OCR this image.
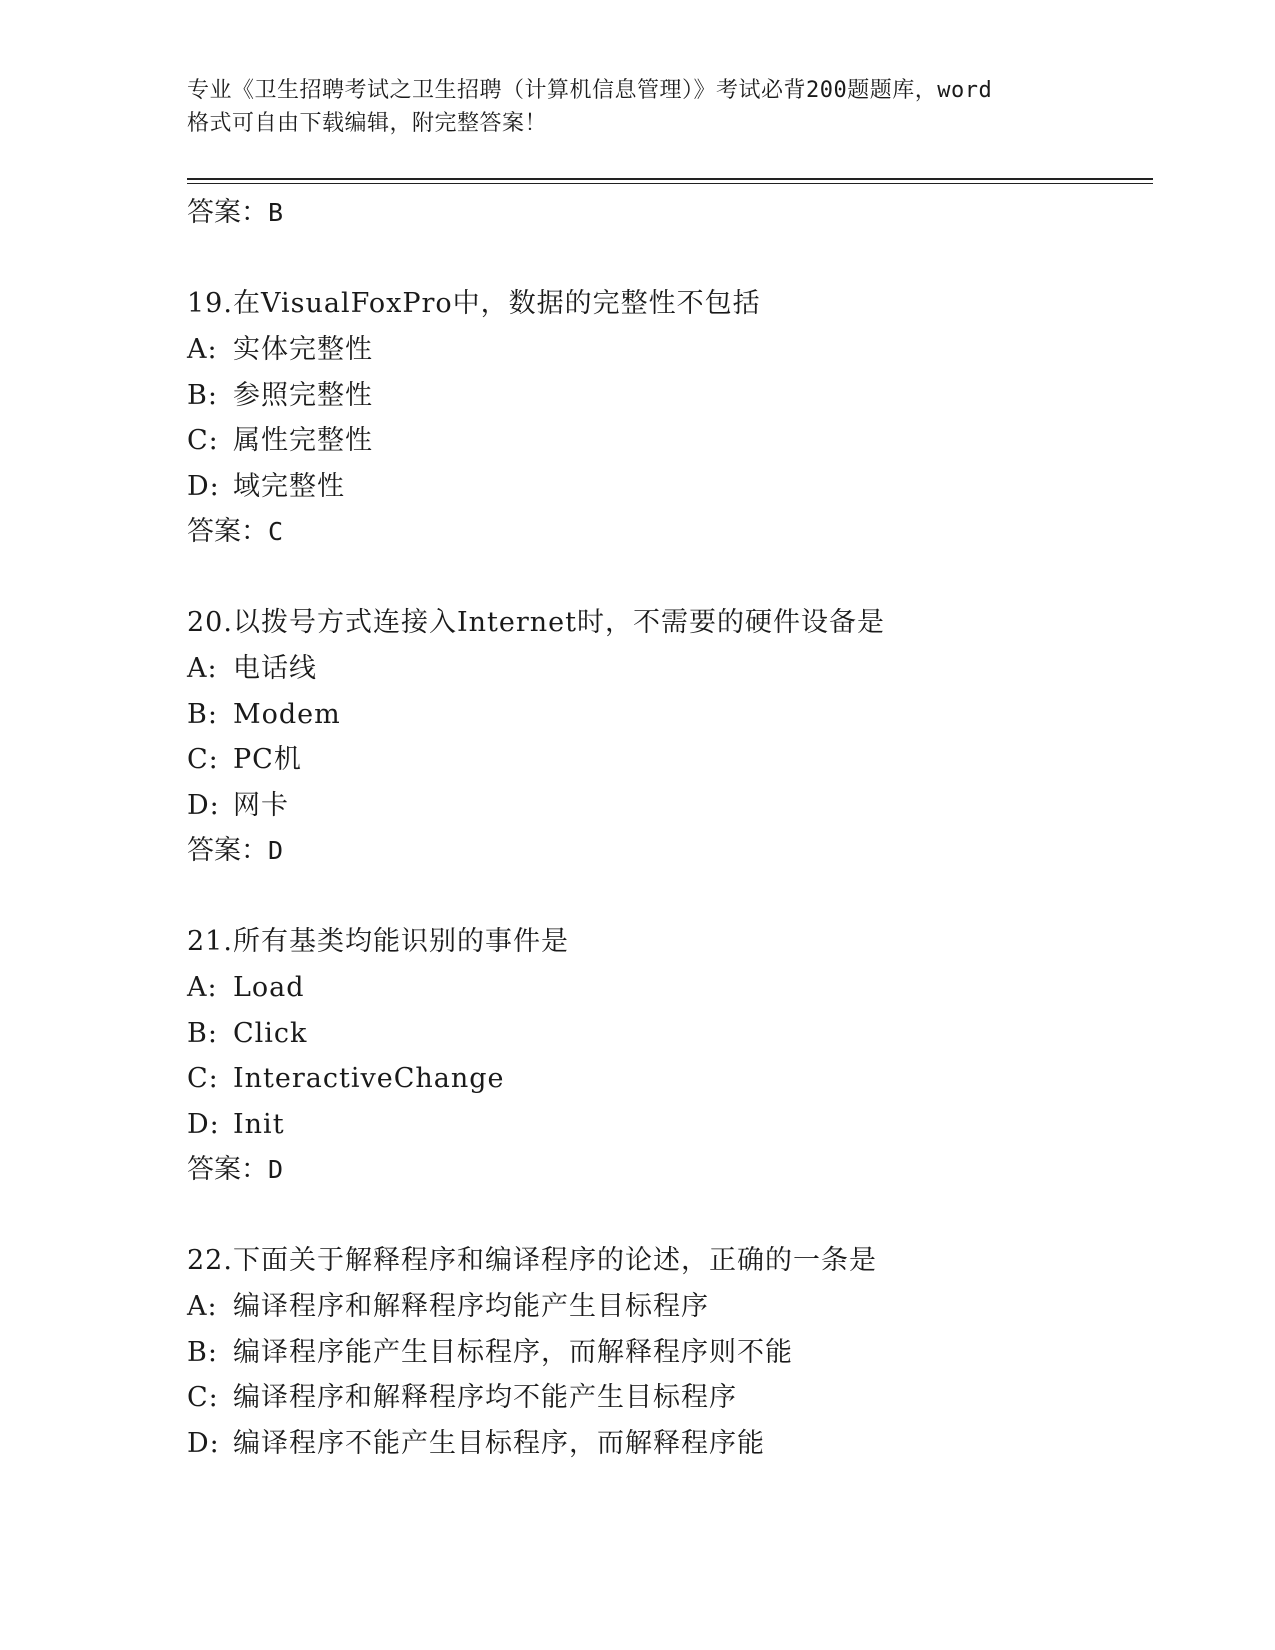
专业《卫生招聘考试之卫生招聘（计算机信息管理）》考试必背200题题库，word
格式可自由下载编辑，附完整答案！
答案：B
19.在VisualFoxPro中，数据的完整性不包括
A: 实体完整性
B: 参照完整性
C: 属性完整性
D: 域完整性
答案：C
20.以拨号方式连接入Internet时，不需要的硬件设备是
A: 电话线
B: Modem
C: PC机
D: 网卡
答案：D
21.所有基类均能识别的事件是
A: Load
B: Click
C: InteractiveChange
D: Init
答案：D
22.下面关于解释程序和编译程序的论述，正确的一条是
A: 编译程序和解释程序均能产生目标程序
B: 编译程序能产生目标程序，而解释程序则不能
C: 编译程序和解释程序均不能产生目标程序
D: 编译程序不能产生目标程序，而解释程序能
